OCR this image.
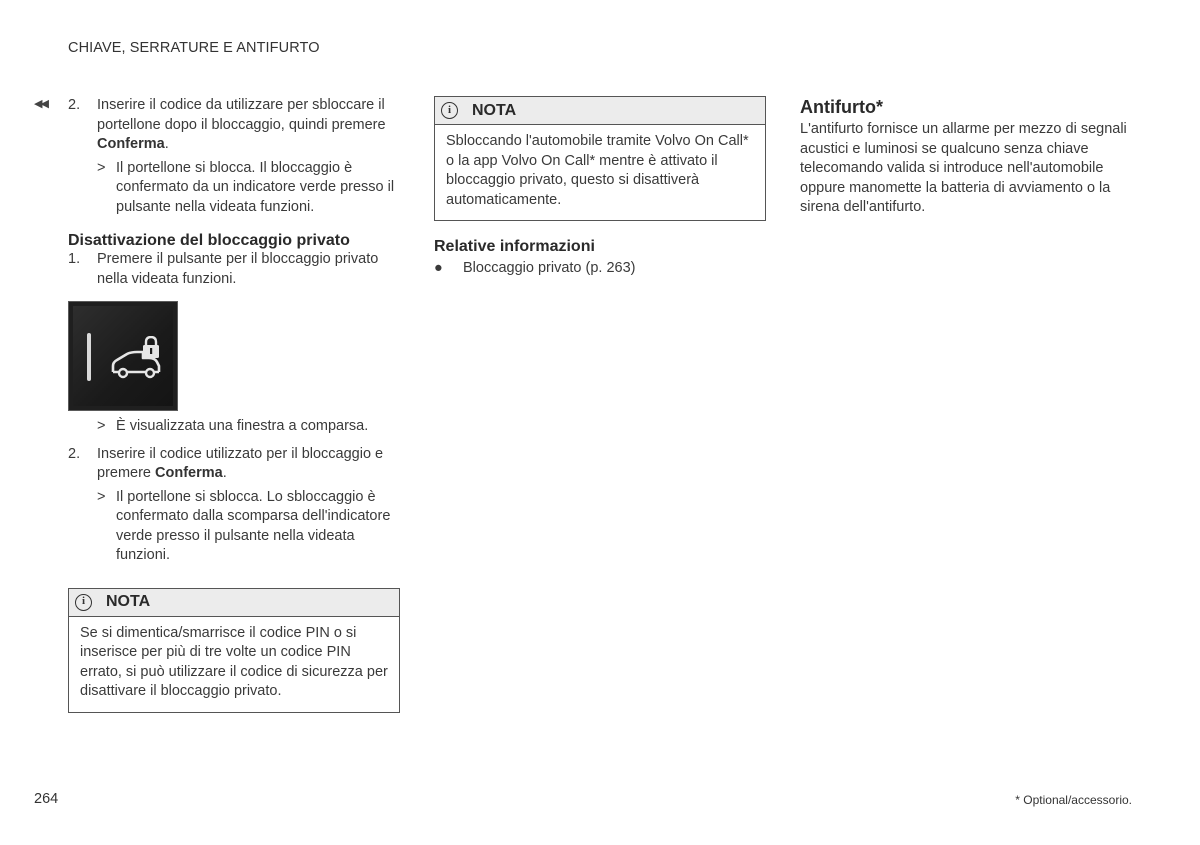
CHIAVE, SERRATURE E ANTIFURTO
◀◀ 2.	Inserire il codice da utilizzare per sbloccare il portellone dopo il bloccaggio, quindi premere Conferma.
> Il portellone si blocca. Il bloccaggio è confermato da un indicatore verde presso il pulsante nella videata funzioni.
Disattivazione del bloccaggio privato
1.	Premere il pulsante per il bloccaggio privato nella videata funzioni.
> È visualizzata una finestra a comparsa.
2.	Inserire il codice utilizzato per il bloccaggio e premere Conferma.
> Il portellone si sblocca. Lo sbloccaggio è confermato dalla scomparsa dell'indicatore verde presso il pulsante nella videata funzioni.
i	NOTA
Se si dimentica/smarrisce il codice PIN o si inserisce per più di tre volte un codice PIN errato, si può utilizzare il codice di sicurezza per disattivare il bloccaggio privato.
i	NOTA
Sbloccando l'automobile tramite Volvo On Call* o la app Volvo On Call* mentre è attivato il bloccaggio privato, questo si disattiverà automaticamente.
Relative informazioni
●	Bloccaggio privato (p. 263)
Antifurto*
L'antifurto fornisce un allarme per mezzo di segnali acustici e luminosi se qualcuno senza chiave telecomando valida si introduce nell'automobile oppure manomette la batteria di avviamento o la sirena dell'antifurto.
264	* Optional/accessorio.
